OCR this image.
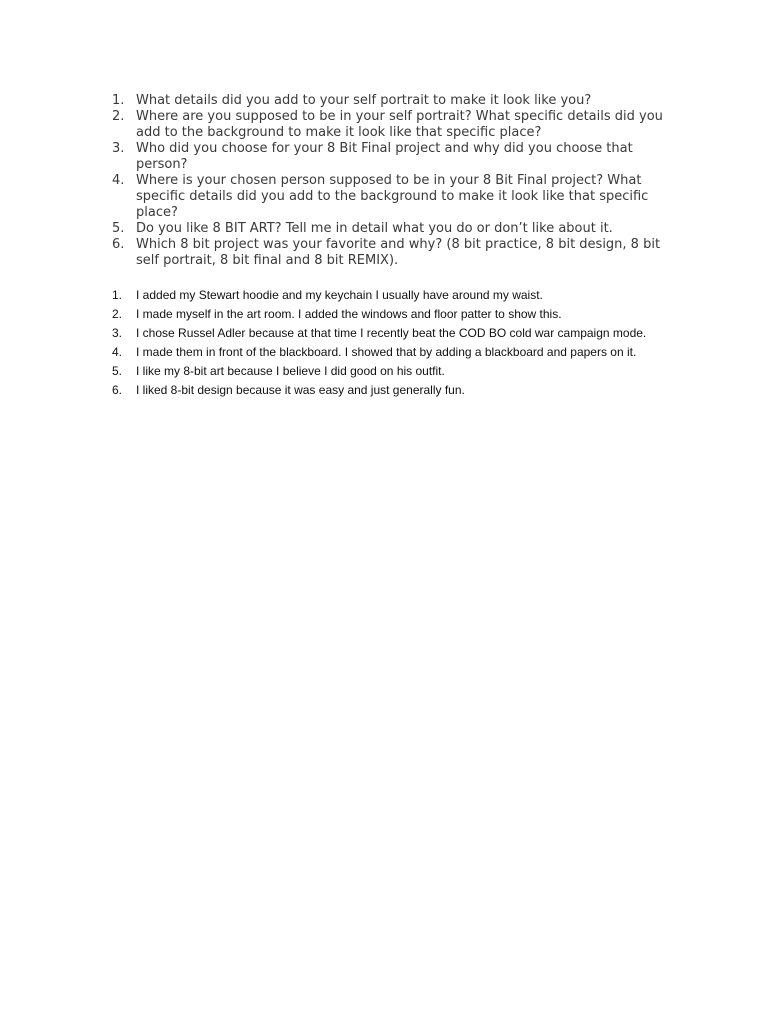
1. What details did you add to your self portrait to make it look like you?
2. Where are you supposed to be in your self portrait? What specific details did you add to the background to make it look like that specific place?
3. Who did you choose for your 8 Bit Final project and why did you choose that person?
4. Where is your chosen person supposed to be in your 8 Bit Final project? What specific details did you add to the background to make it look like that specific place?
5. Do you like 8 BIT ART? Tell me in detail what you do or don’t like about it.
6. Which 8 bit project was your favorite and why? (8 bit practice, 8 bit design, 8 bit self portrait, 8 bit final and 8 bit REMIX).
1. I added my Stewart hoodie and my keychain I usually have around my waist.
2. I made myself in the art room. I added the windows and floor patter to show this.
3. I chose Russel Adler because at that time I recently beat the COD BO cold war campaign mode.
4. I made them in front of the blackboard. I showed that by adding a blackboard and papers on it.
5. I like my 8-bit art because I believe I did good on his outfit.
6. I liked 8-bit design because it was easy and just generally fun.
